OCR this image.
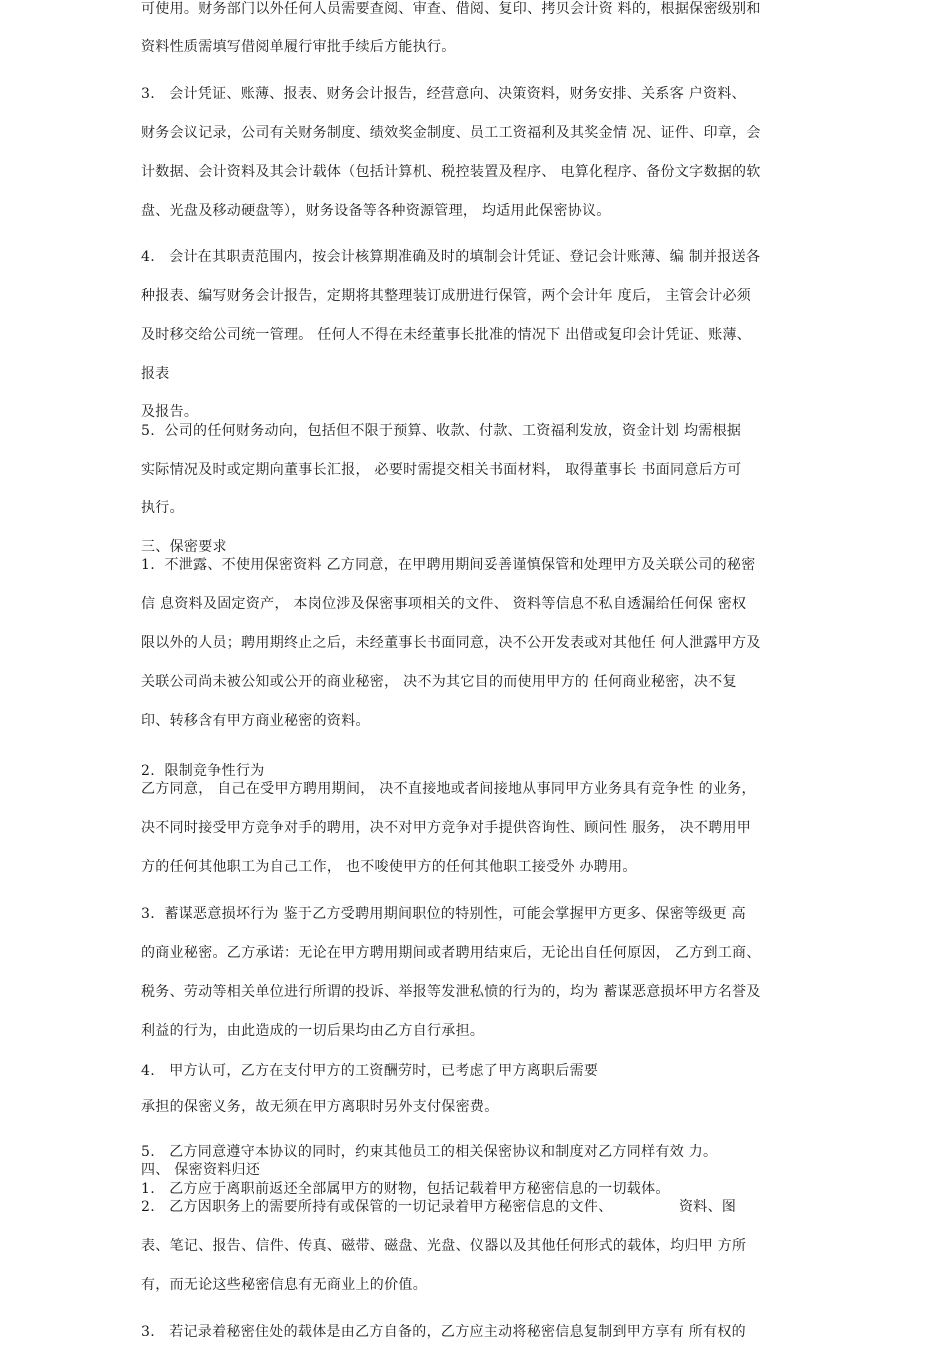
可使用。财务部门以外任何人员需要查阅、审查、借阅、复印、拷贝会计资 料的，根据保密级别和
资料性质需填写借阅单履行审批手续后方能执行。
3.   会计凭证、账薄、报表、财务会计报告，经营意向、决策资料，财务安排、关系客 户资料、
财务会议记录，公司有关财务制度、绩效奖金制度、员工工资福利及其奖金情 况、证件、印章，会
计数据、会计资料及其会计载体（包括计算机、税控装置及程序、 电算化程序、备份文字数据的软
盘、光盘及移动硬盘等），财务设备等各种资源管理， 均适用此保密协议。
4.   会计在其职责范围内，按会计核算期准确及时的填制会计凭证、登记会计账薄、编 制并报送各
种报表、编写财务会计报告，定期将其整理装订成册进行保管，两个会计年 度后， 主管会计必须
及时移交给公司统一管理。 任何人不得在未经董事长批准的情况下 出借或复印会计凭证、账薄、
报表
及报告。
5.  公司的任何财务动向，包括但不限于预算、收款、付款、工资福利发放，资金计划 均需根据
实际情况及时或定期向董事长汇报， 必要时需提交相关书面材料， 取得董事长 书面同意后方可
执行。
三、保密要求
1.  不泄露、不使用保密资料 乙方同意，在甲聘用期间妥善谨慎保管和处理甲方及关联公司的秘密
信 息资料及固定资产， 本岗位涉及保密事项相关的文件、 资料等信息不私自透漏给任何保 密权
限以外的人员；聘用期终止之后，未经董事长书面同意，决不公开发表或对其他任 何人泄露甲方及
关联公司尚未被公知或公开的商业秘密， 决不为其它目的而使用甲方的 任何商业秘密，决不复
印、转移含有甲方商业秘密的资料。
2.  限制竞争性行为
乙方同意， 自己在受甲方聘用期间， 决不直接地或者间接地从事同甲方业务具有竞争性 的业务，
决不同时接受甲方竞争对手的聘用，决不对甲方竞争对手提供咨询性、顾问性 服务， 决不聘用甲
方的任何其他职工为自己工作， 也不唆使甲方的任何其他职工接受外 办聘用。
3.  蓄谋恶意损坏行为 鉴于乙方受聘用期间职位的特别性，可能会掌握甲方更多、保密等级更 高
的商业秘密。乙方承诺：无论在甲方聘用期间或者聘用结束后，无论出自任何原因， 乙方到工商、
税务、劳动等相关单位进行所谓的投诉、举报等发泄私愤的行为的，均为 蓄谋恶意损坏甲方名誉及
利益的行为，由此造成的一切后果均由乙方自行承担。
4.   甲方认可，乙方在支付甲方的工资酬劳时，已考虑了甲方离职后需要
承担的保密义务，故无须在甲方离职时另外支付保密费。
5.   乙方同意遵守本协议的同时，约束其他员工的相关保密协议和制度对乙方同样有效 力。
四、 保密资料归还
1.   乙方应于离职前返还全部属甲方的财物，包括记载着甲方秘密信息的一切载体。
2.   乙方因职务上的需要所持有或保管的一切记录着甲方秘密信息的文件、              资料、图
表、笔记、报告、信件、传真、磁带、磁盘、光盘、仪器以及其他任何形式的载体，均归甲 方所
有，而无论这些秘密信息有无商业上的价值。
3.   若记录着秘密住处的载体是由乙方自备的，乙方应主动将秘密信息复制到甲方享有 所有权的
